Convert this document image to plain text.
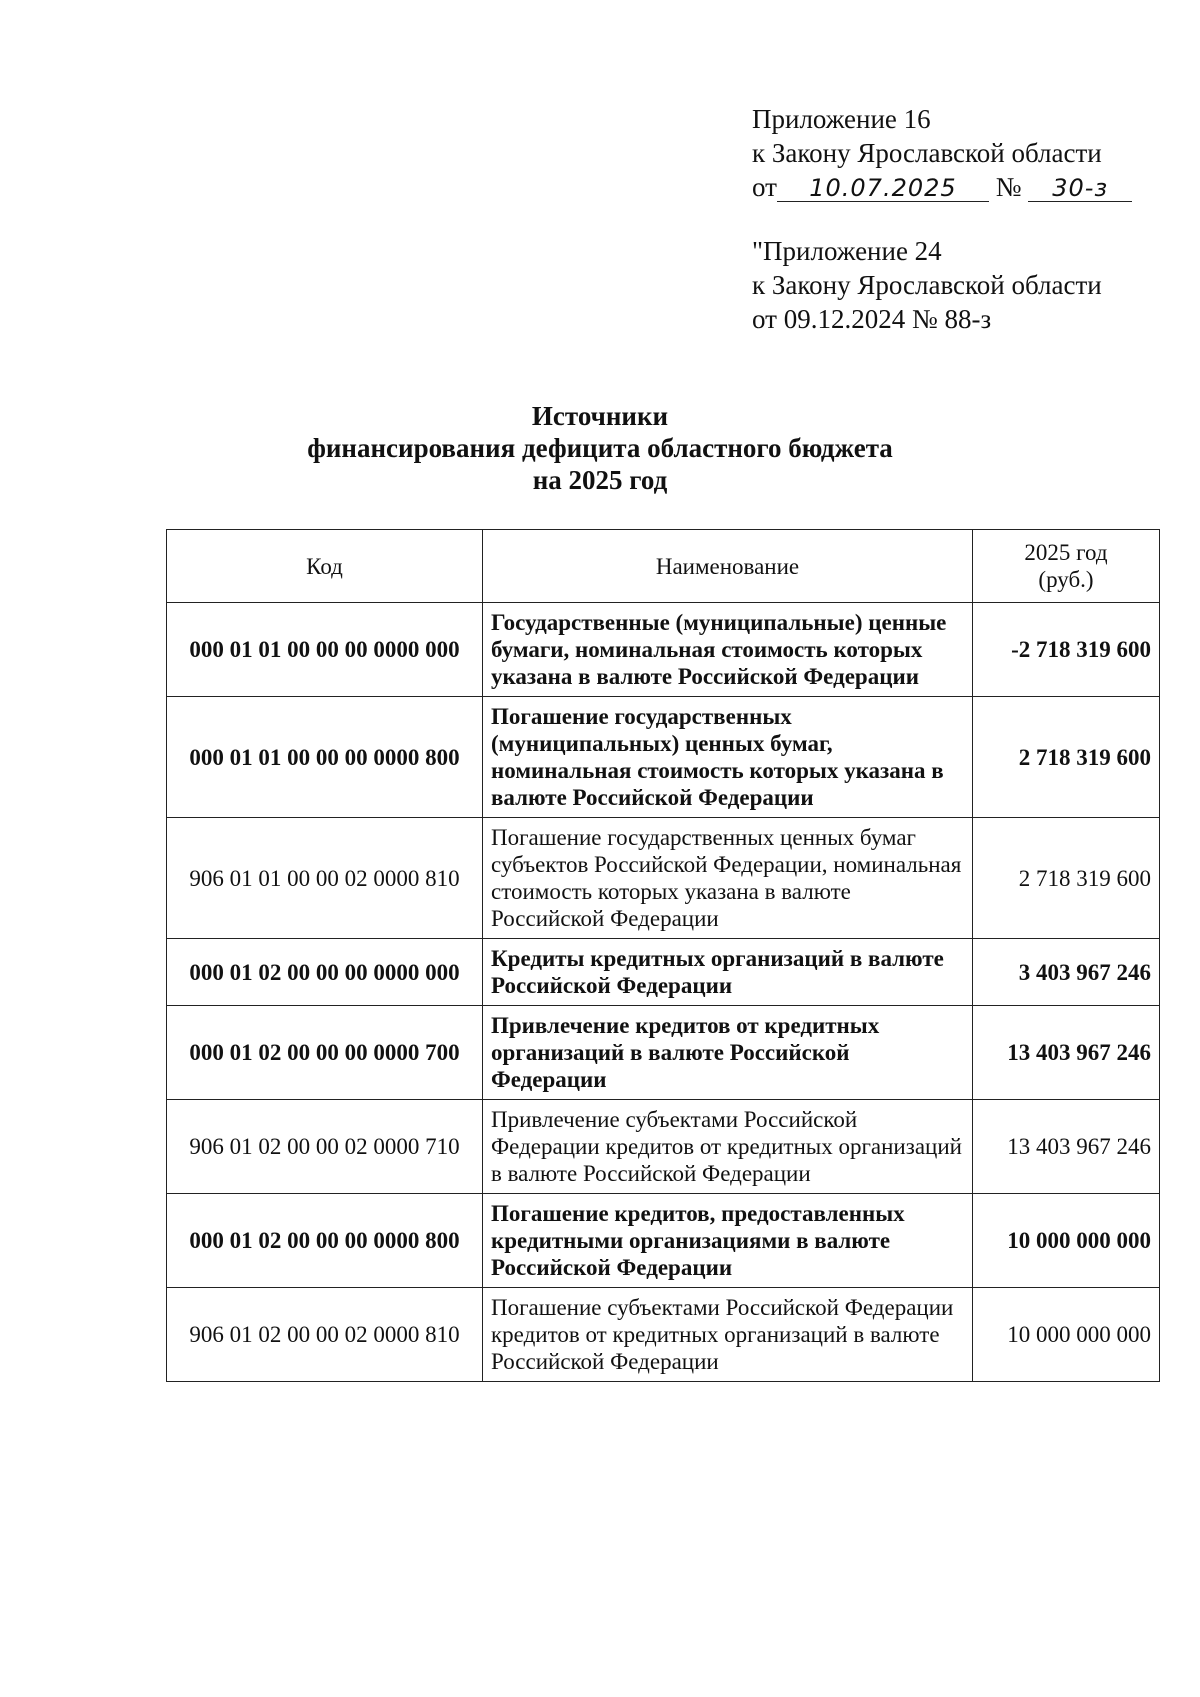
Приложение 16
к Закону Ярославской области
от 10.07.2025 № 30-з
"Приложение 24
к Закону Ярославской области
от 09.12.2024 № 88-з
Источники
финансирования дефицита областного бюджета
на 2025 год
Код	Наименование	2025 год
(руб.)

000 01 01 00 00 00 0000 000	Государственные (муниципальные) ценные бумаги, номинальная стоимость которых указана в валюте Российской Федерации	-2 718 319 600
000 01 01 00 00 00 0000 800	Погашение государственных (муниципальных) ценных бумаг, номинальная стоимость которых указана в валюте Российской Федерации	2 718 319 600
906 01 01 00 00 02 0000 810	Погашение государственных ценных бумаг субъектов Российской Федерации, номинальная стоимость которых указана в валюте Российской Федерации	2 718 319 600
000 01 02 00 00 00 0000 000	Кредиты кредитных организаций в валюте Российской Федерации	3 403 967 246
000 01 02 00 00 00 0000 700	Привлечение кредитов от кредитных организаций в валюте Российской Федерации	13 403 967 246
906 01 02 00 00 02 0000 710	Привлечение субъектами Российской Федерации кредитов от кредитных организаций в валюте Российской Федерации	13 403 967 246
000 01 02 00 00 00 0000 800	Погашение кредитов, предоставленных кредитными организациями в валюте Российской Федерации	10 000 000 000
906 01 02 00 00 02 0000 810	Погашение субъектами Российской Федерации кредитов от кредитных организаций в валюте Российской Федерации	10 000 000 000
